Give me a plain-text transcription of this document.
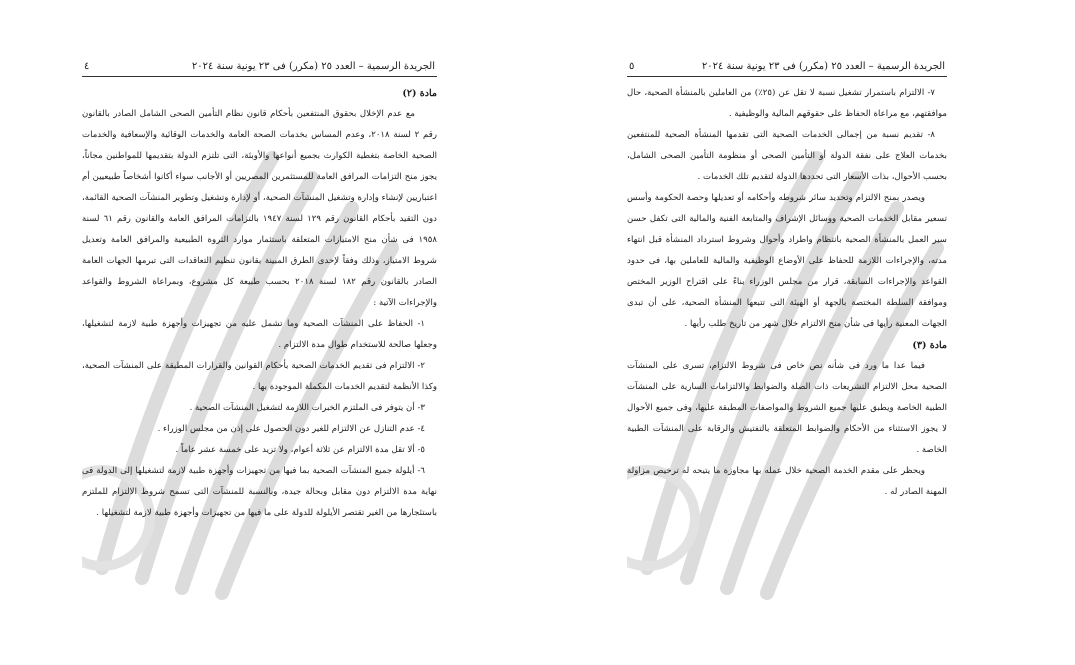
الجريدة الرسمية – العدد ٢٥ (مكرر) فى ٢٣ يونية سنة ٢٠٢٤
٤

مادة (٢)

مع عدم الإخلال بحقوق المنتفعين بأحكام قانون نظام التأمين الصحى الشامل الصادر بالقانون رقم ٢ لسنة ٢٠١٨، وعدم المساس بخدمات الصحة العامة والخدمات الوقائية والإسعافية والخدمات الصحية الخاصة بتغطية الكوارث بجميع أنواعها والأوبئة، التى تلتزم الدولة بتقديمها للمواطنين مجاناً، يجوز منح التزامات المرافق العامة للمستثمرين المصريين أو الأجانب سواء أكانوا أشخاصاً طبيعيين أم اعتباريين لإنشاء وإدارة وتشغيل المنشآت الصحية، أو لإدارة وتشغيل وتطوير المنشآت الصحية القائمة، دون التقيد بأحكام القانون رقم ١٢٩ لسنة ١٩٤٧ بالتزامات المرافق العامة والقانون رقم ٦١ لسنة ١٩٥٨ فى شأن منح الامتيازات المتعلقة باستثمار موارد الثروة الطبيعية والمرافق العامة وتعديل شروط الامتياز، وذلك وفقاً لإحدى الطرق المبينة بقانون تنظيم التعاقدات التى تبرمها الجهات العامة الصادر بالقانون رقم ١٨٢ لسنة ٢٠١٨ بحسب طبيعة كل مشروع، وبمراعاة الشروط والقواعد والإجراءات الآتية :

١- الحفاظ على المنشآت الصحية وما تشمل عليه من تجهيزات وأجهزة طبية لازمة لتشغيلها، وجعلها صالحة للاستخدام طوال مدة الالتزام .

٢- الالتزام فى تقديم الخدمات الصحية بأحكام القوانين والقرارات المطبقة على المنشآت الصحية، وكذا الأنظمة لتقديم الخدمات المكملة الموجودة بها .

٣- أن يتوفر فى الملتزم الخبرات اللازمة لتشغيل المنشآت الصحية .

٤- عدم التنازل عن الالتزام للغير دون الحصول على إذن من مجلس الوزراء .

٥- ألا تقل مدة الالتزام عن ثلاثة أعوام، ولا تزيد على خمسة عشر عاماً .

٦- أيلولة جميع المنشآت الصحية بما فيها من تجهيزات وأجهزة طبية لازمة لتشغيلها إلى الدولة فى نهاية مدة الالتزام دون مقابل وبحالة جيدة، وبالنسبة للمنشآت التى تسمح شروط الالتزام للملتزم باستئجارها من الغير تقتصر الأيلولة للدولة على ما فيها من تجهيزات وأجهزة طبية لازمة لتشغيلها .

الجريدة الرسمية – العدد ٢٥ (مكرر) فى ٢٣ يونية سنة ٢٠٢٤
٥

٧- الالتزام باستمرار تشغيل نسبة لا تقل عن (٢٥٪) من العاملين بالمنشأة الصحية، حال موافقتهم، مع مراعاة الحفاظ على حقوقهم المالية والوظيفية .

٨- تقديم نسبة من إجمالى الخدمات الصحية التى تقدمها المنشأة الصحية للمنتفعين بخدمات العلاج على نفقة الدولة أو التأمين الصحى أو منظومة التأمين الصحى الشامل، بحسب الأحوال، بذات الأسعار التى تحددها الدولة لتقديم تلك الخدمات .

ويصدر بمنح الالتزام وتحديد سائر شروطه وأحكامه أو تعديلها وحصة الحكومة وأسس تسعير مقابل الخدمات الصحية ووسائل الإشراف والمتابعة الفنية والمالية التى تكفل حسن سير العمل بالمنشأة الصحية بانتظام واطراد وأحوال وشروط استرداد المنشأة قبل انتهاء مدته، والإجراءات اللازمة للحفاظ على الأوضاع الوظيفية والمالية للعاملين بها، فى حدود القواعد والإجراءات السابقة، قرار من مجلس الوزراء بناءً على اقتراح الوزير المختص وموافقة السلطة المختصة بالجهة أو الهيئة التى تتبعها المنشأة الصحية، على أن تبدى الجهات المعنية رأيها فى شأن منح الالتزام خلال شهر من تاريخ طلب رأيها .

مادة (٣)

فيما عدا ما ورد فى شأنه نص خاص فى شروط الالتزام، تسرى على المنشآت الصحية محل الالتزام التشريعات ذات الصلة والضوابط والالتزامات السارية على المنشآت الطبية الخاصة ويطبق عليها جميع الشروط والمواصفات المطبقة عليها، وفى جميع الأحوال لا يجوز الاستثناء من الأحكام والضوابط المتعلقة بالتفتيش والرقابة على المنشآت الطبية الخاصة .

ويحظر على مقدم الخدمة الصحية خلال عمله بها مجاوزة ما يتيحه له ترخيص مزاولة المهنة الصادر له .
